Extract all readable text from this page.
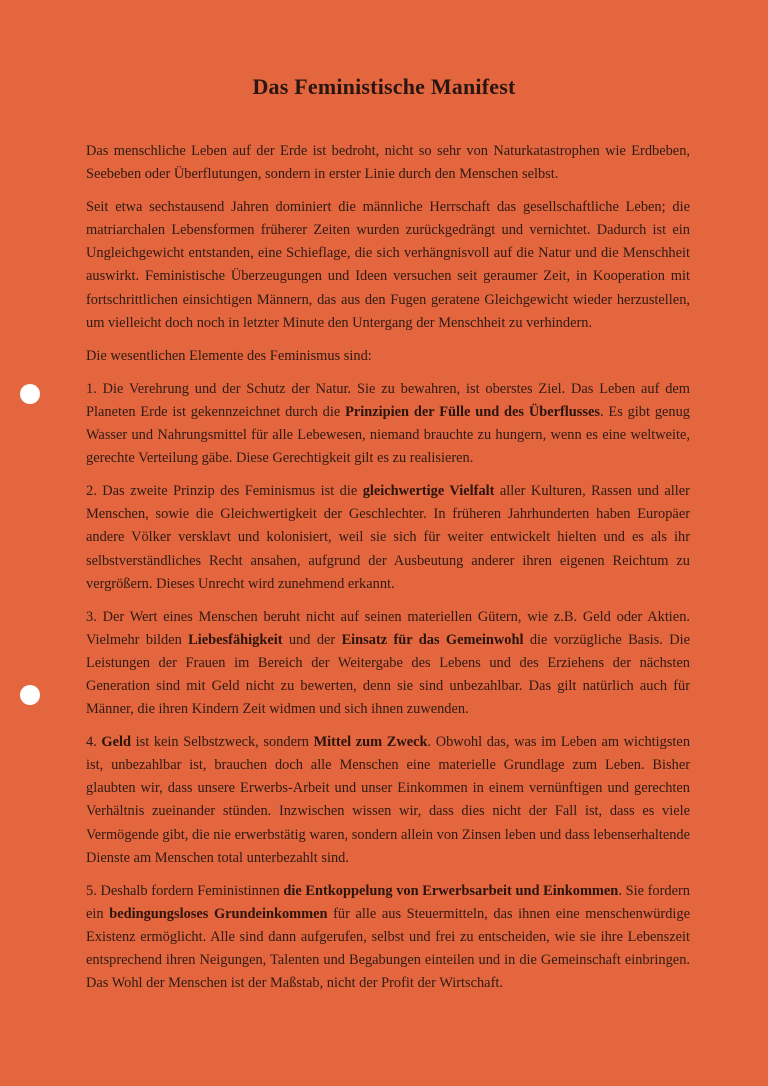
Das Feministische Manifest

Das menschliche Leben auf der Erde ist bedroht, nicht so sehr von Naturkatastrophen wie Erdbeben, Seebeben oder Überflutungen, sondern in erster Linie durch den Menschen selbst.

Seit etwa sechstausend Jahren dominiert die männliche Herrschaft das gesellschaftliche Leben; die matriarchalen Lebensformen früherer Zeiten wurden zurückgedrängt und vernichtet. Dadurch ist ein Ungleichgewicht entstanden, eine Schieflage, die sich verhängnisvoll auf die Natur und die Menschheit auswirkt. Feministische Überzeugungen und Ideen versuchen seit geraumer Zeit, in Kooperation mit fortschrittlichen einsichtigen Männern, das aus den Fugen geratene Gleichgewicht wieder herzustellen, um vielleicht doch noch in letzter Minute den Untergang der Menschheit zu verhindern.

Die wesentlichen Elemente des Feminismus sind:

1. Die Verehrung und der Schutz der Natur. Sie zu bewahren, ist oberstes Ziel. Das Leben auf dem Planeten Erde ist gekennzeichnet durch die Prinzipien der Fülle und des Überflusses. Es gibt genug Wasser und Nahrungsmittel für alle Lebewesen, niemand brauchte zu hungern, wenn es eine weltweite, gerechte Verteilung gäbe. Diese Gerechtigkeit gilt es zu realisieren.

2. Das zweite Prinzip des Feminismus ist die gleichwertige Vielfalt aller Kulturen, Rassen und aller Menschen, sowie die Gleichwertigkeit der Geschlechter. In früheren Jahrhunderten haben Europäer andere Völker versklavt und kolonisiert, weil sie sich für weiter entwickelt hielten und es als ihr selbstverständliches Recht ansahen, aufgrund der Ausbeutung anderer ihren eigenen Reichtum zu vergrößern. Dieses Unrecht wird zunehmend erkannt.

3. Der Wert eines Menschen beruht nicht auf seinen materiellen Gütern, wie z.B. Geld oder Aktien. Vielmehr bilden Liebesfähigkeit und der Einsatz für das Gemeinwohl die vorzügliche Basis. Die Leistungen der Frauen im Bereich der Weitergabe des Lebens und des Erziehens der nächsten Generation sind mit Geld nicht zu bewerten, denn sie sind unbezahlbar. Das gilt natürlich auch für Männer, die ihren Kindern Zeit widmen und sich ihnen zuwenden.

4. Geld ist kein Selbstzweck, sondern Mittel zum Zweck. Obwohl das, was im Leben am wichtigsten ist, unbezahlbar ist, brauchen doch alle Menschen eine materielle Grundlage zum Leben. Bisher glaubten wir, dass unsere Erwerbs-Arbeit und unser Einkommen in einem vernünftigen und gerechten Verhältnis zueinander stünden. Inzwischen wissen wir, dass dies nicht der Fall ist, dass es viele Vermögende gibt, die nie erwerbstätig waren, sondern allein von Zinsen leben und dass lebenserhaltende Dienste am Menschen total unterbezahlt sind.

5. Deshalb fordern Feministinnen die Entkoppelung von Erwerbsarbeit und Einkommen. Sie fordern ein bedingungsloses Grundeinkommen für alle aus Steuermitteln, das ihnen eine menschenwürdige Existenz ermöglicht. Alle sind dann aufgerufen, selbst und frei zu entscheiden, wie sie ihre Lebenszeit entsprechend ihren Neigungen, Talenten und Begabungen einteilen und in die Gemeinschaft einbringen. Das Wohl der Menschen ist der Maßstab, nicht der Profit der Wirtschaft.
